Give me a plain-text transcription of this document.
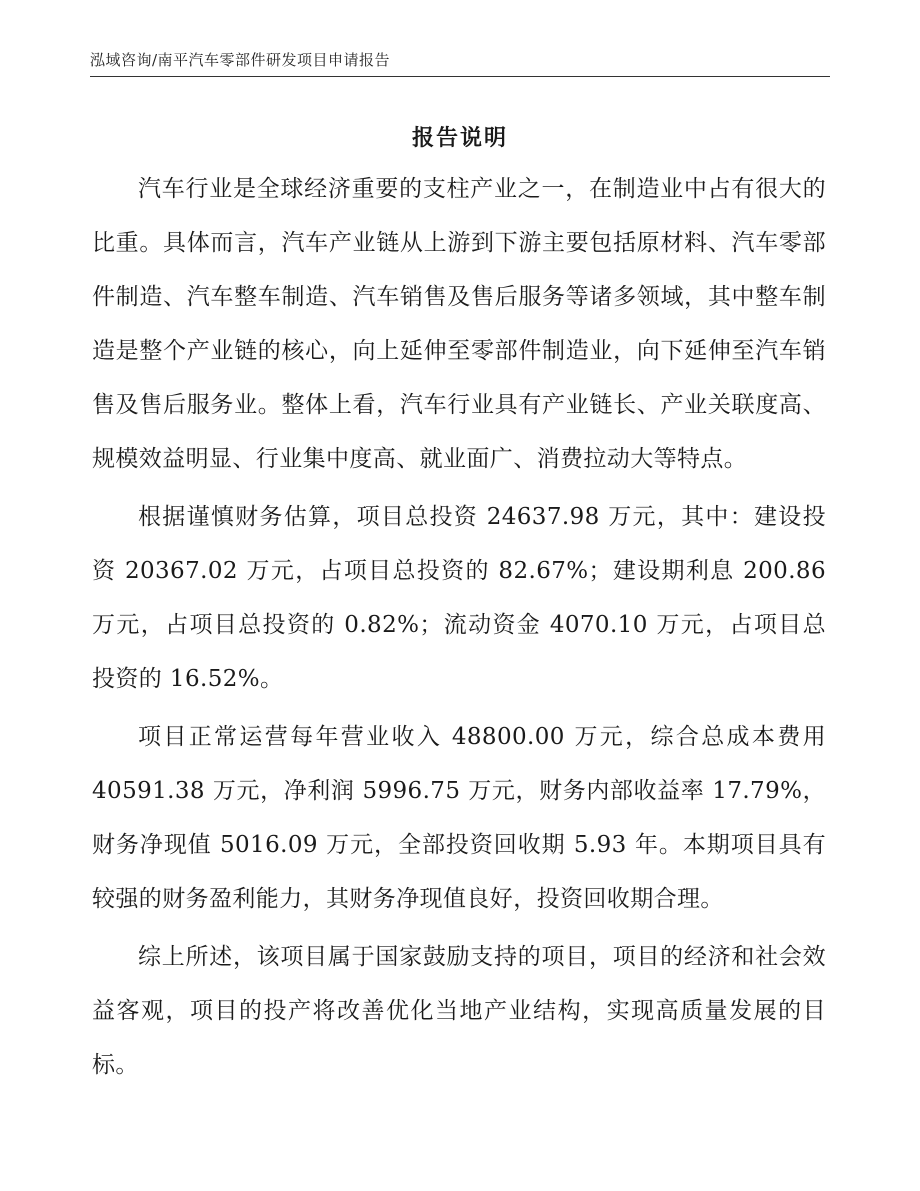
泓域咨询/南平汽车零部件研发项目申请报告
报告说明

汽车行业是全球经济重要的支柱产业之一，在制造业中占有很大的比重。具体而言，汽车产业链从上游到下游主要包括原材料、汽车零部件制造、汽车整车制造、汽车销售及售后服务等诸多领域，其中整车制造是整个产业链的核心，向上延伸至零部件制造业，向下延伸至汽车销售及售后服务业。整体上看，汽车行业具有产业链长、产业关联度高、规模效益明显、行业集中度高、就业面广、消费拉动大等特点。

根据谨慎财务估算，项目总投资 24637.98 万元，其中：建设投资 20367.02 万元，占项目总投资的 82.67%；建设期利息 200.86 万元，占项目总投资的 0.82%；流动资金 4070.10 万元，占项目总投资的 16.52%。

项目正常运营每年营业收入 48800.00 万元，综合总成本费用 40591.38 万元，净利润 5996.75 万元，财务内部收益率 17.79%，财务净现值 5016.09 万元，全部投资回收期 5.93 年。本期项目具有较强的财务盈利能力，其财务净现值良好，投资回收期合理。

综上所述，该项目属于国家鼓励支持的项目，项目的经济和社会效益客观，项目的投产将改善优化当地产业结构，实现高质量发展的目标。
